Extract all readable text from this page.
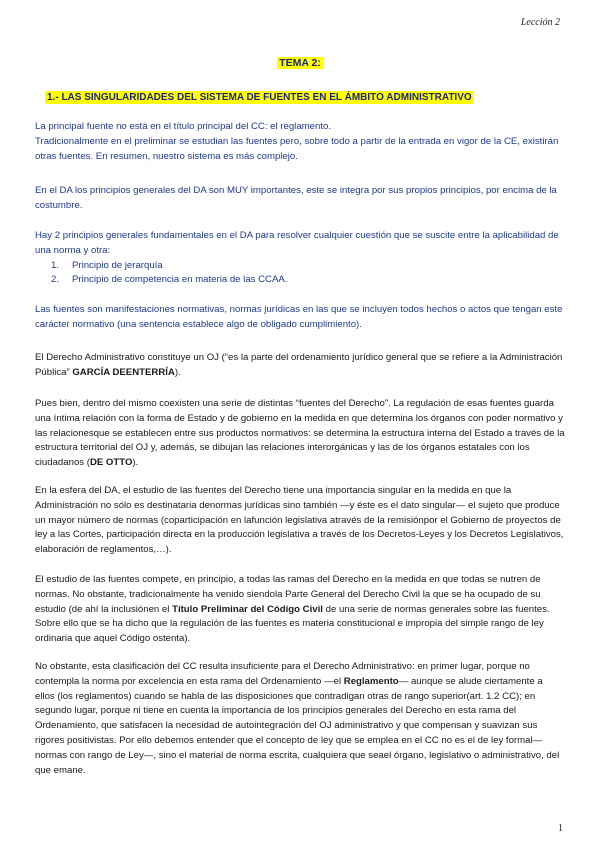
Lección 2
TEMA 2:
1.- LAS SINGULARIDADES DEL SISTEMA DE FUENTES EN EL ÁMBITO ADMINISTRATIVO

La principal fuente no está en el título principal del CC: el reglamento.
Tradicionalmente en el preliminar se estudian las fuentes pero, sobre todo a partir de la entrada en vigor de la CE, existirán otras fuentes. En resumen, nuestro sistema es más complejo.

En el DA los principios generales del DA son MUY importantes, este se integra por sus propios principios, por encima de la costumbre.

Hay 2 principios generales fundamentales en el DA para resolver cualquier cuestión que se suscite entre la aplicabilidad de una norma y otra:
1.	Principio de jerarquía
2.	Principio de competencia en materia de las CCAA.

Las fuentes son manifestaciones normativas, normas jurídicas en las que se incluyen todos hechos o actos que tengan este carácter normativo (una sentencia establece algo de obligado cumplimiento).

El Derecho Administrativo constituye un OJ (“es la parte del ordenamiento jurídico general que se refiere a la Administración Pública” GARCÍA DEENTERRÍA).

Pues bien, dentro del mismo coexisten una serie de distintas “fuentes del Derecho”. La regulación de esas fuentes guarda una íntima relación con la forma de Estado y de gobierno en la medida en que determina los órganos con poder normativo y las relacionesque se establecen entre sus productos normativos: se determina la estructura interna del Estado a través de la estructura territorial del OJ y, además, se dibujan las relaciones interorgánicas y las de los órganos estatales con los ciudadanos (DE OTTO).

En la esfera del DA, el estudio de las fuentes del Derecho tiene una importancia singular en la medida en que la Administración no sólo es destinataria denormas jurídicas sino también —y éste es el dato singular— el sujeto que produce un mayor número de normas (coparticipación en lafunción legislativa através de la remisiónpor el Gobierno de proyectos de ley a las Cortes, participación directa en la producción legislativa a través de los Decretos-Leyes y los Decretos Legislativos, elaboración de reglamentos,…).

El estudio de las fuentes compete, en principio, a todas las ramas del Derecho en la medida en que todas se nutren de normas. No obstante, tradicionalmente ha venido siendola Parte General del Derecho Civil la que se ha ocupado de su estudio (de ahí la inclusiónen el Título Preliminar del Código Civil de una serie de normas generales sobre las fuentes. Sobre ello que se ha dicho que la regulación de las fuentes es materia constitucional e impropia del simple rango de ley ordinaria que aquel Código ostenta).

No obstante, esta clasificación del CC resulta insuficiente para el Derecho Administrativo: en primer lugar, porque no contempla la norma por excelencia en esta rama del Ordenamiento —el Reglamento— aunque se alude ciertamente a ellos (los reglamentos) cuando se habla de las disposiciones que contradigan otras de rango superior(art. 1.2 CC); en segundo lugar, porque ni tiene en cuenta la importancia de los principios generales del Derecho en esta rama del Ordenamiento, que satisfacen la necesidad de autointegración del OJ administrativo y que compensan y suavizan sus rigores positivistas. Por ello debemos entender que el concepto de ley que se emplea en el CC no es el de ley formal—normas con rango de Ley—, sino el material de norma escrita, cualquiera que seael órgano, legislativo o administrativo, del que emane.

1
